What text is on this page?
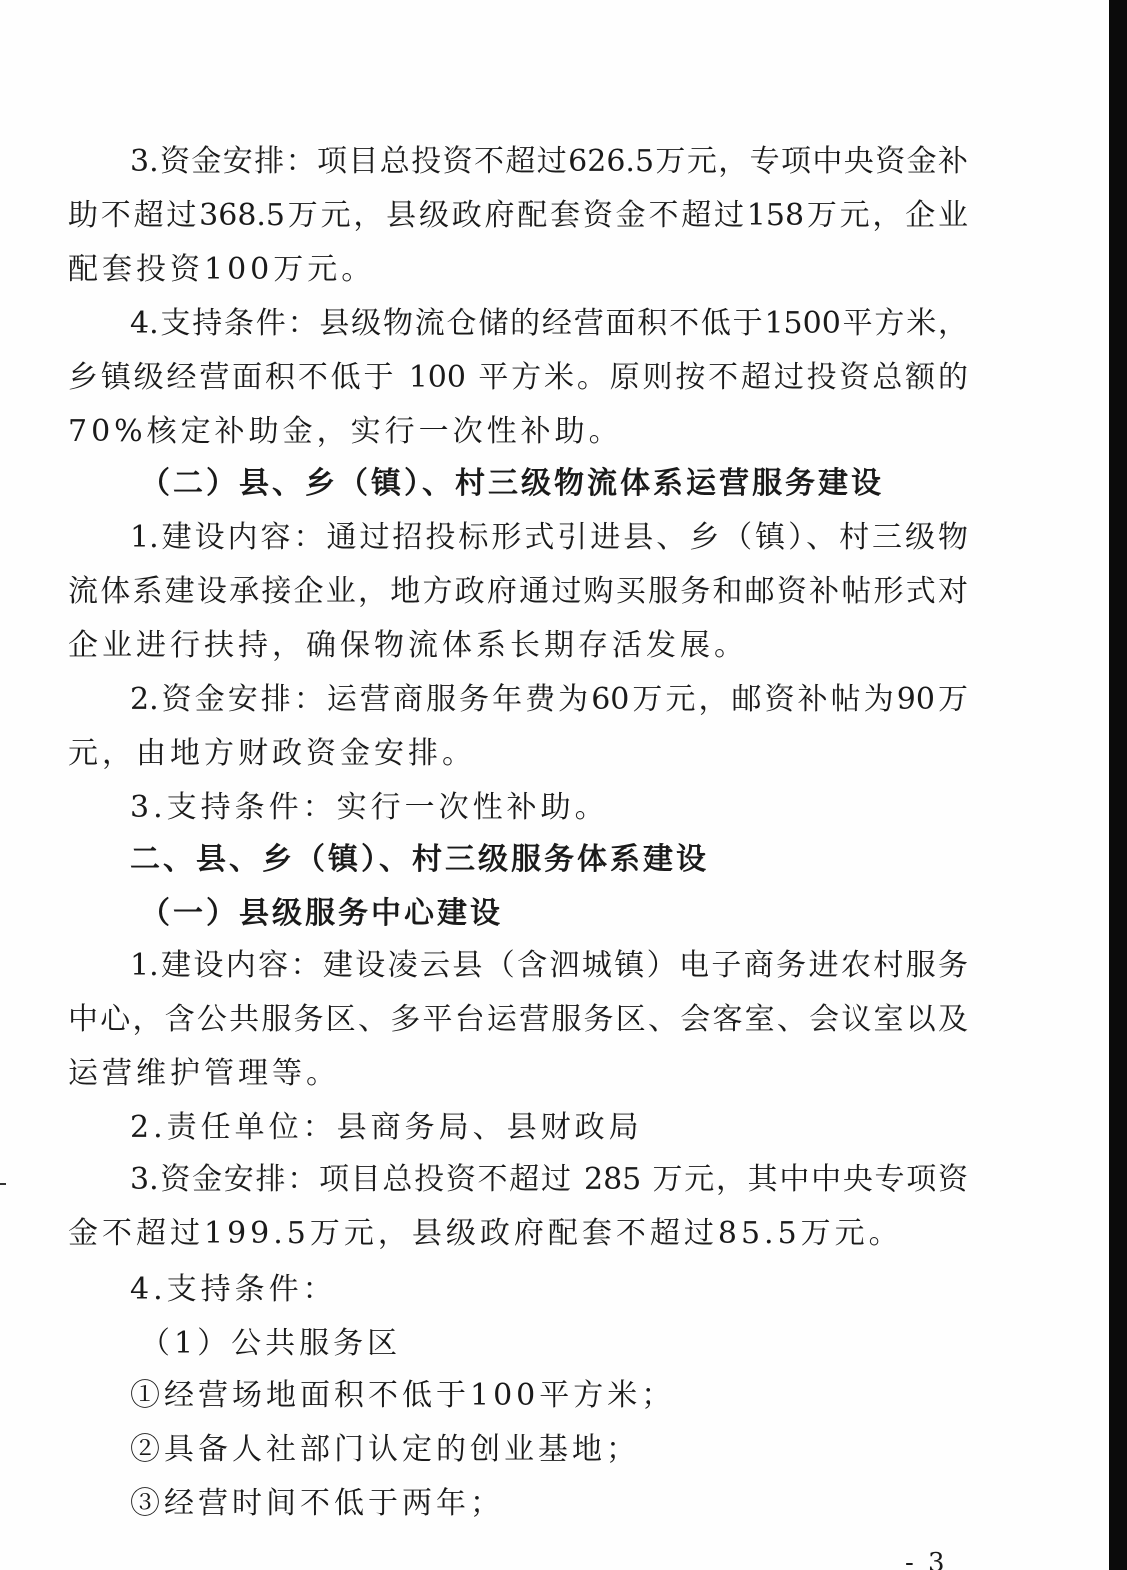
3.资金安排：项目总投资不超过626.5万元，专项中央资金补
助不超过368.5万元，县级政府配套资金不超过158万元，企业
配套投资100万元。
4.支持条件：县级物流仓储的经营面积不低于1500平方米，
乡镇级经营面积不低于 100 平方米。原则按不超过投资总额的
70%核定补助金，实行一次性补助。
（二）县、乡（镇）、村三级物流体系运营服务建设
1.建设内容：通过招投标形式引进县、乡（镇）、村三级物
流体系建设承接企业，地方政府通过购买服务和邮资补帖形式对
企业进行扶持，确保物流体系长期存活发展。
2.资金安排：运营商服务年费为60万元，邮资补帖为90万
元，由地方财政资金安排。
3.支持条件：实行一次性补助。
二、县、乡（镇）、村三级服务体系建设
（一）县级服务中心建设
1.建设内容：建设凌云县（含泗城镇）电子商务进农村服务
中心，含公共服务区、多平台运营服务区、会客室、会议室以及
运营维护管理等。
2.责任单位：县商务局、县财政局
3.资金安排：项目总投资不超过 285 万元，其中中央专项资
金不超过199.5万元，县级政府配套不超过85.5万元。
4.支持条件：
（1）公共服务区
①经营场地面积不低于100平方米；
②具备人社部门认定的创业基地；
③经营时间不低于两年；
- 3
